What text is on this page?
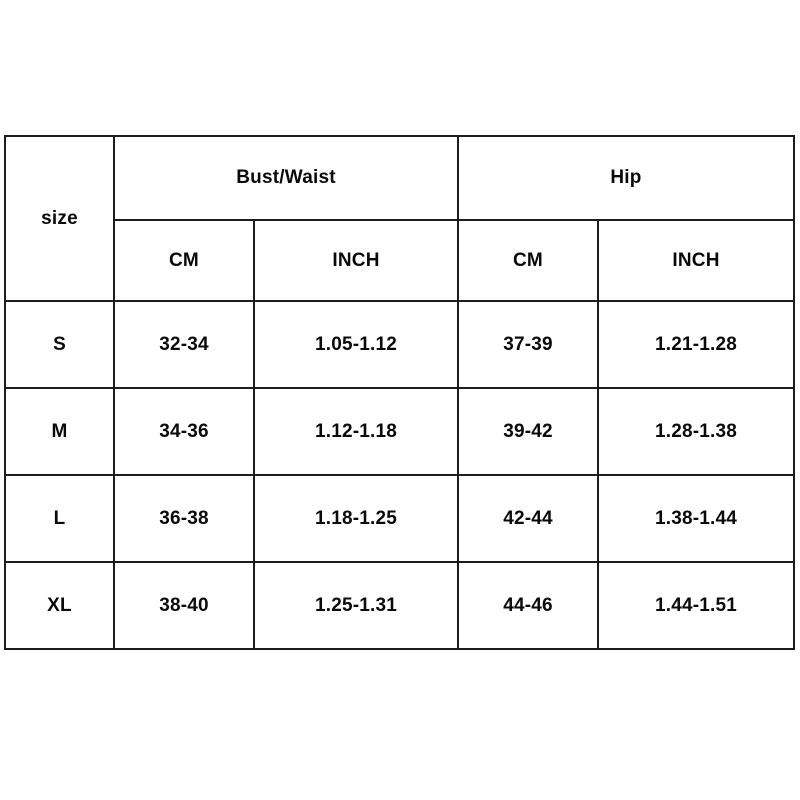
size	Bust/Waist		Hip	
	CM	INCH	CM	INCH
S	32-34	1.05-1.12	37-39	1.21-1.28
M	34-36	1.12-1.18	39-42	1.28-1.38
L	36-38	1.18-1.25	42-44	1.38-1.44
XL	38-40	1.25-1.31	44-46	1.44-1.51
